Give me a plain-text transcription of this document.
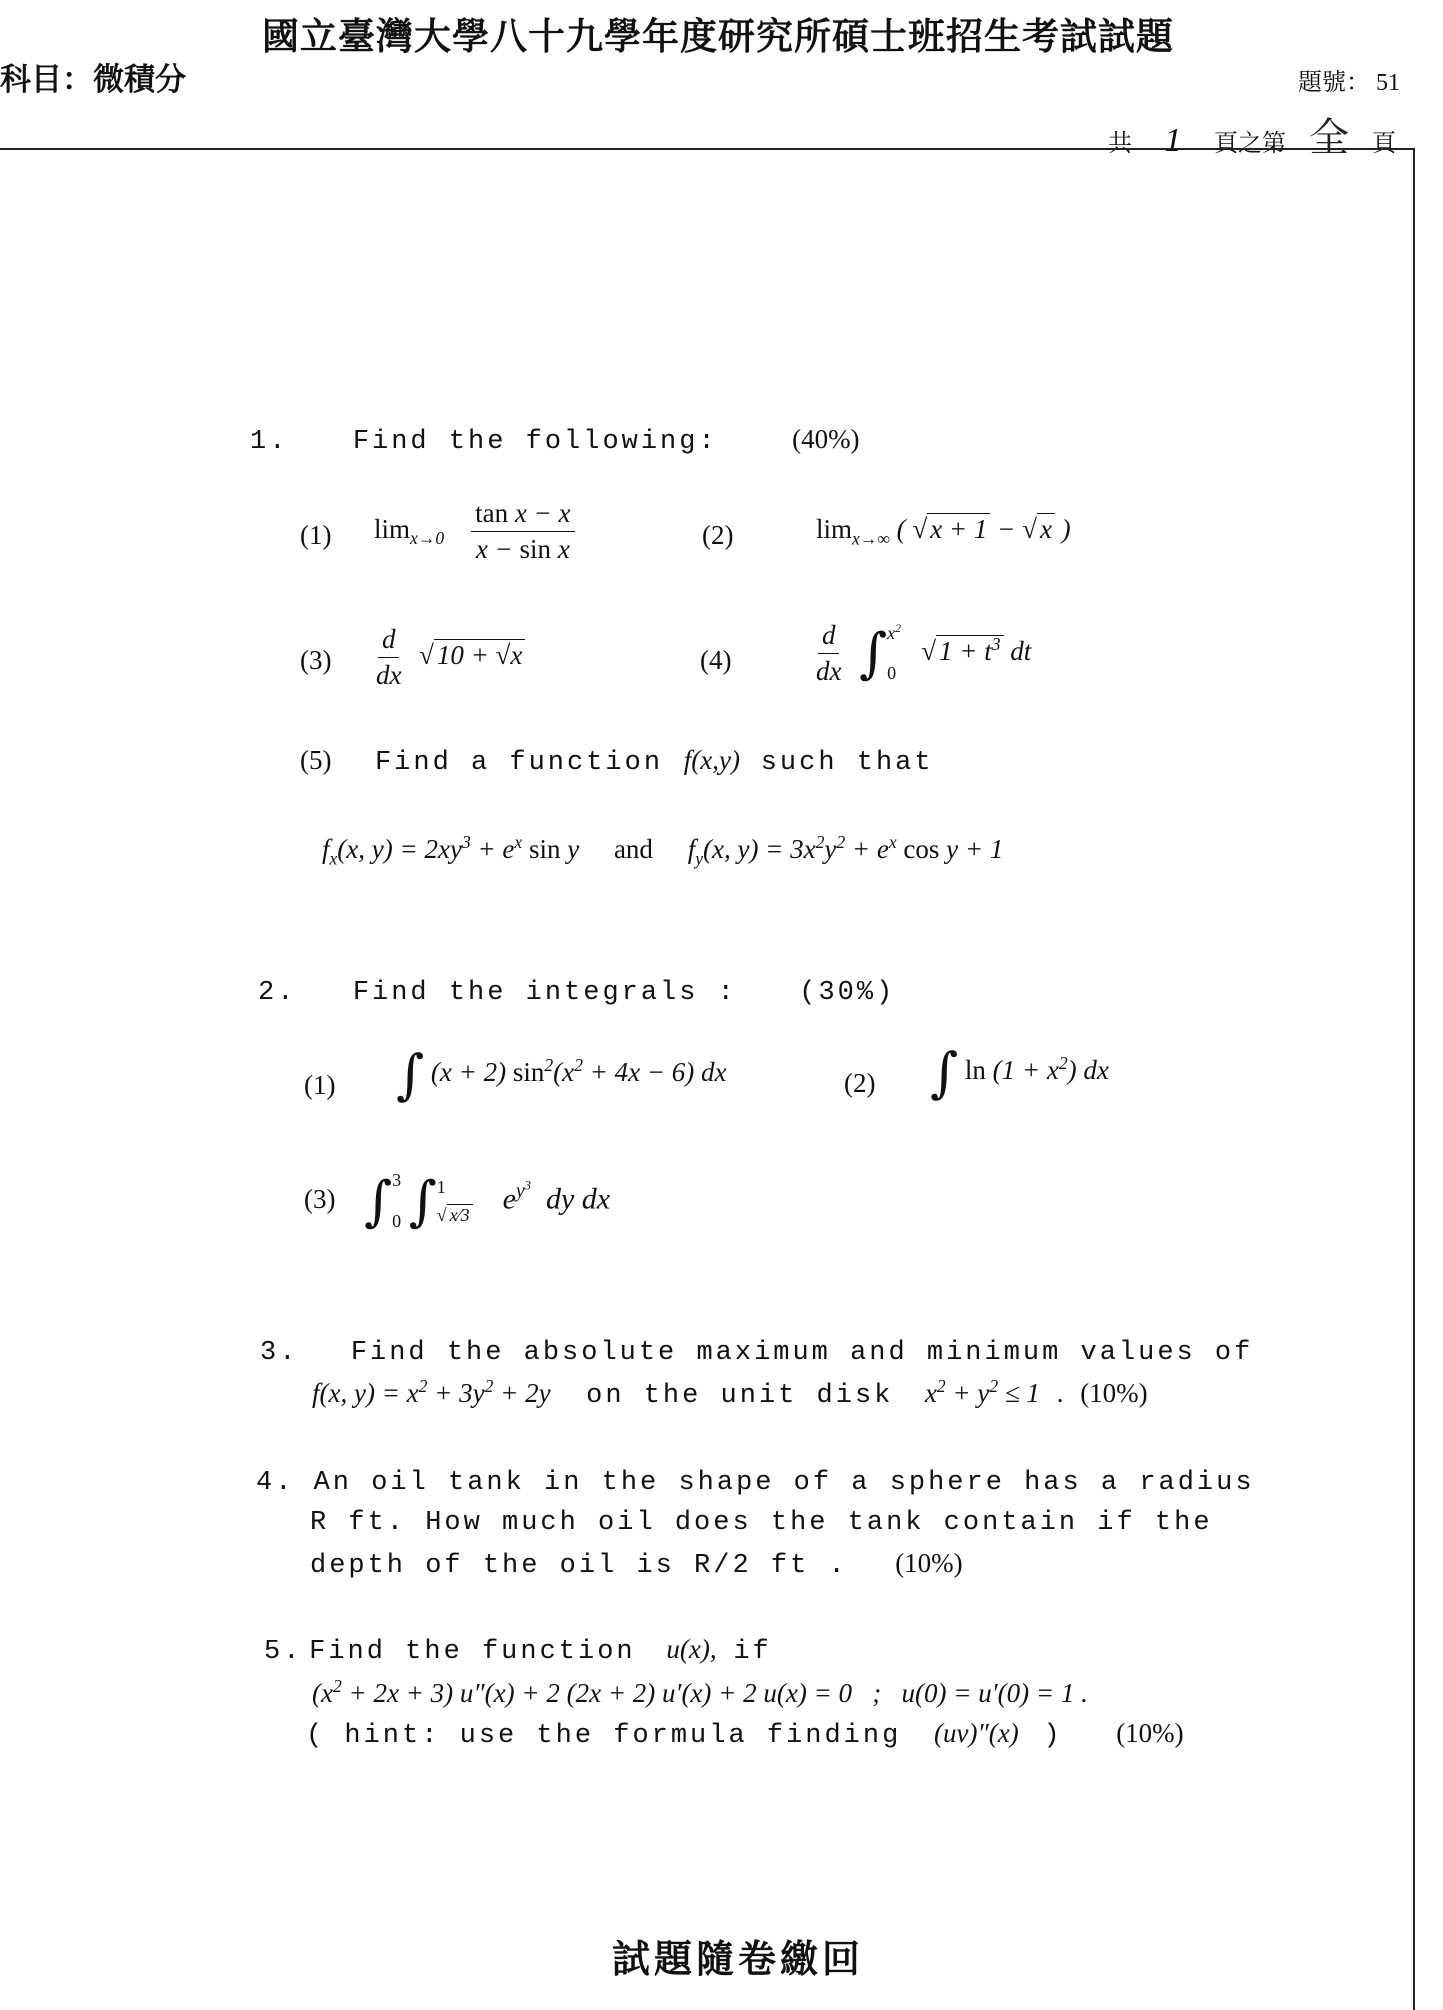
國立臺灣大學八十九學年度研究所碩士班招生考試試題
科目：微積分	題號： 51
共 1 頁之第 全 頁
1. Find the following:	(40%)
(1) $\lim_{x\to 0} \frac{\text{tan x − x}}{\text{x − sin x}}$	(2)	$\lim_{x\to\infty}$ ( √ x + 1 − √ x )
$(3) \frac{d}{dx}$ √ 10 + √x	(4)	$\frac{d}{dx}$ ∫ $x^2$
0
√ $1 + t^3$ dt
(5) Find a function f(x,y) such that
$f_x(x$, $y) = 2xy^3 + e^x$ sin y and $f_y(x$, $y) = 3x^2y^2 + e^x$ cos y + 1
2. Find the integrals : (30%)
(1) ∫ (x + 2) $\sin^2(x^2 + 4x - 6)$ dx	(2) ∫ $\ln (1 + x^2)$ dx
(3) ∫ 3
0 ∫ 1
√ x⁄3
$e^{y^3}$  dy dx
3. Find the absolute maximum and minimum values of
f(x, $y) = x^2 + 3y^2 + 2y$ on the unit disk $x^2 + y^2 \le 1$ . (10%)
4. An oil tank in the shape of a sphere has a radius
R ft. How much oil does the tank contain if the
depth of the oil is R/2 ft . (10%)
5. Find the function u(x), if
$(x^2 + 2x + 3) u''(x) + 2$ (2x + 2) u′(x) + 2 u(x) = 0   ;   u(0) = u′(0) = 1 .
( hint: use the formula finding (uv)″(x) ) (10%)
試題隨卷繳回
